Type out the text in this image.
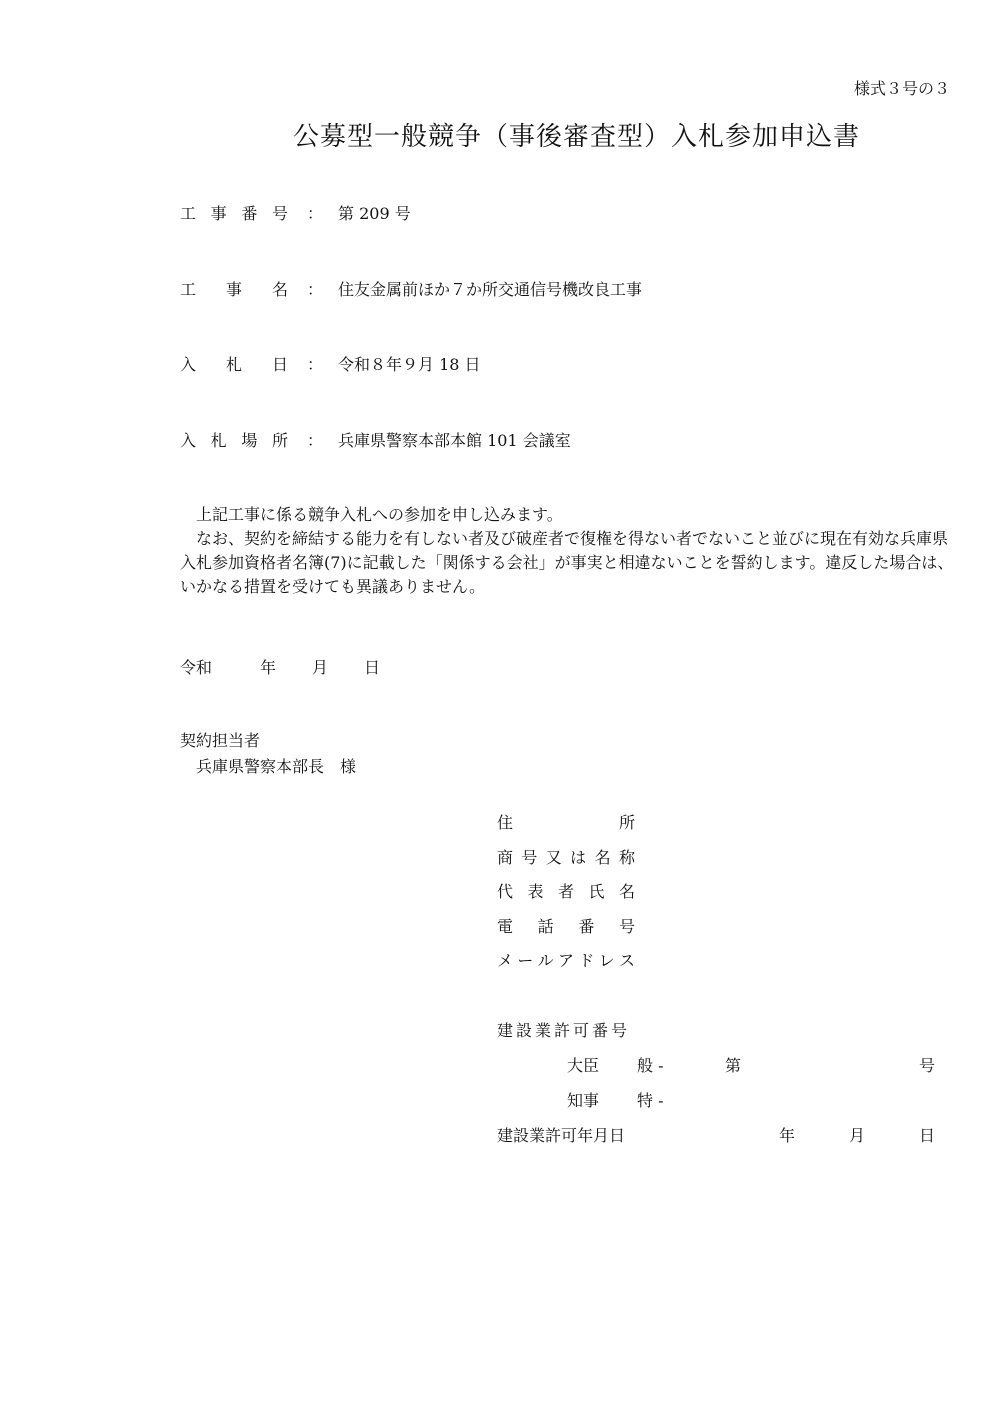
様式３号の３
公募型一般競争（事後審査型）入札参加申込書
工 事 番 号 ： 第 209 号
工 事 名 ： 住友金属前ほか７か所交通信号機改良工事
入 札 日 ： 令和８年９月 18 日
入 札 場 所 ： 兵庫県警察本部本館 101 会議室

上記工事に係る競争入札への参加を申し込みます。

なお、契約を締結する能力を有しない者及び破産者で復権を得ない者でないこと並びに現在有効な兵庫県入札参加資格者名簿(7)に記載した「関係する会社」が事実と相違ないことを誓約します。違反した場合は、いかなる措置を受けても異議ありません。

令和	年 月 日
契約担当者
兵庫県警察本部長　様
住	所
商 号 又 は 名 称
代 表 者 氏 名
電 話 番 号
メ ー ル ア ド レ ス
建設業許可番号
大臣 般 -	第	号
知事 特 -
建設業許可年月日	年	月	日
